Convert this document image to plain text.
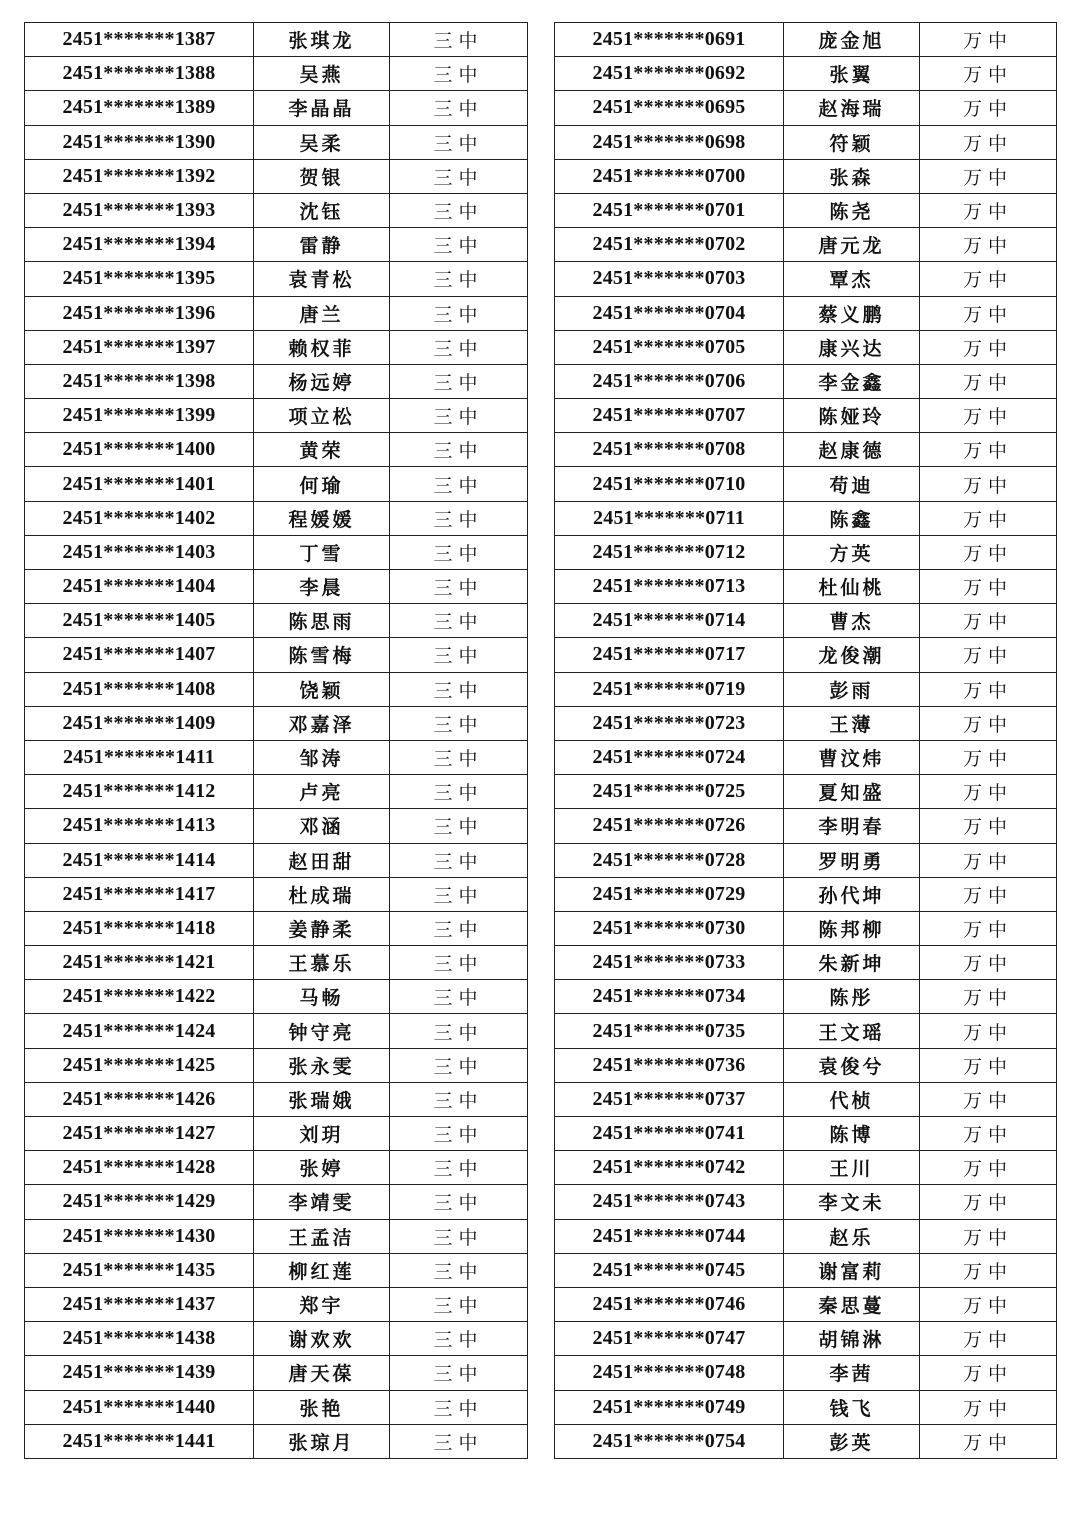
2451*******1387	张琪龙	三中
2451*******1388	吴燕	三中
2451*******1389	李晶晶	三中
2451*******1390	吴柔	三中
2451*******1392	贺银	三中
2451*******1393	沈钰	三中
2451*******1394	雷静	三中
2451*******1395	袁青松	三中
2451*******1396	唐兰	三中
2451*******1397	赖权菲	三中
2451*******1398	杨远婷	三中
2451*******1399	项立松	三中
2451*******1400	黄荣	三中
2451*******1401	何瑜	三中
2451*******1402	程媛媛	三中
2451*******1403	丁雪	三中
2451*******1404	李晨	三中
2451*******1405	陈思雨	三中
2451*******1407	陈雪梅	三中
2451*******1408	饶颖	三中
2451*******1409	邓嘉泽	三中
2451*******1411	邹涛	三中
2451*******1412	卢亮	三中
2451*******1413	邓涵	三中
2451*******1414	赵田甜	三中
2451*******1417	杜成瑞	三中
2451*******1418	姜静柔	三中
2451*******1421	王慕乐	三中
2451*******1422	马畅	三中
2451*******1424	钟守亮	三中
2451*******1425	张永雯	三中
2451*******1426	张瑞娥	三中
2451*******1427	刘玥	三中
2451*******1428	张婷	三中
2451*******1429	李靖雯	三中
2451*******1430	王孟洁	三中
2451*******1435	柳红莲	三中
2451*******1437	郑宇	三中
2451*******1438	谢欢欢	三中
2451*******1439	唐天葆	三中
2451*******1440	张艳	三中
2451*******1441	张琼月	三中
2451*******0691	庞金旭	万中
2451*******0692	张翼	万中
2451*******0695	赵海瑞	万中
2451*******0698	符颖	万中
2451*******0700	张森	万中
2451*******0701	陈尧	万中
2451*******0702	唐元龙	万中
2451*******0703	覃杰	万中
2451*******0704	蔡义鹏	万中
2451*******0705	康兴达	万中
2451*******0706	李金鑫	万中
2451*******0707	陈娅玲	万中
2451*******0708	赵康德	万中
2451*******0710	苟迪	万中
2451*******0711	陈鑫	万中
2451*******0712	方英	万中
2451*******0713	杜仙桃	万中
2451*******0714	曹杰	万中
2451*******0717	龙俊潮	万中
2451*******0719	彭雨	万中
2451*******0723	王薄	万中
2451*******0724	曹汶炜	万中
2451*******0725	夏知盛	万中
2451*******0726	李明春	万中
2451*******0728	罗明勇	万中
2451*******0729	孙代坤	万中
2451*******0730	陈邦柳	万中
2451*******0733	朱新坤	万中
2451*******0734	陈彤	万中
2451*******0735	王文瑶	万中
2451*******0736	袁俊兮	万中
2451*******0737	代桢	万中
2451*******0741	陈博	万中
2451*******0742	王川	万中
2451*******0743	李文未	万中
2451*******0744	赵乐	万中
2451*******0745	谢富莉	万中
2451*******0746	秦思蔓	万中
2451*******0747	胡锦淋	万中
2451*******0748	李茜	万中
2451*******0749	钱飞	万中
2451*******0754	彭英	万中
